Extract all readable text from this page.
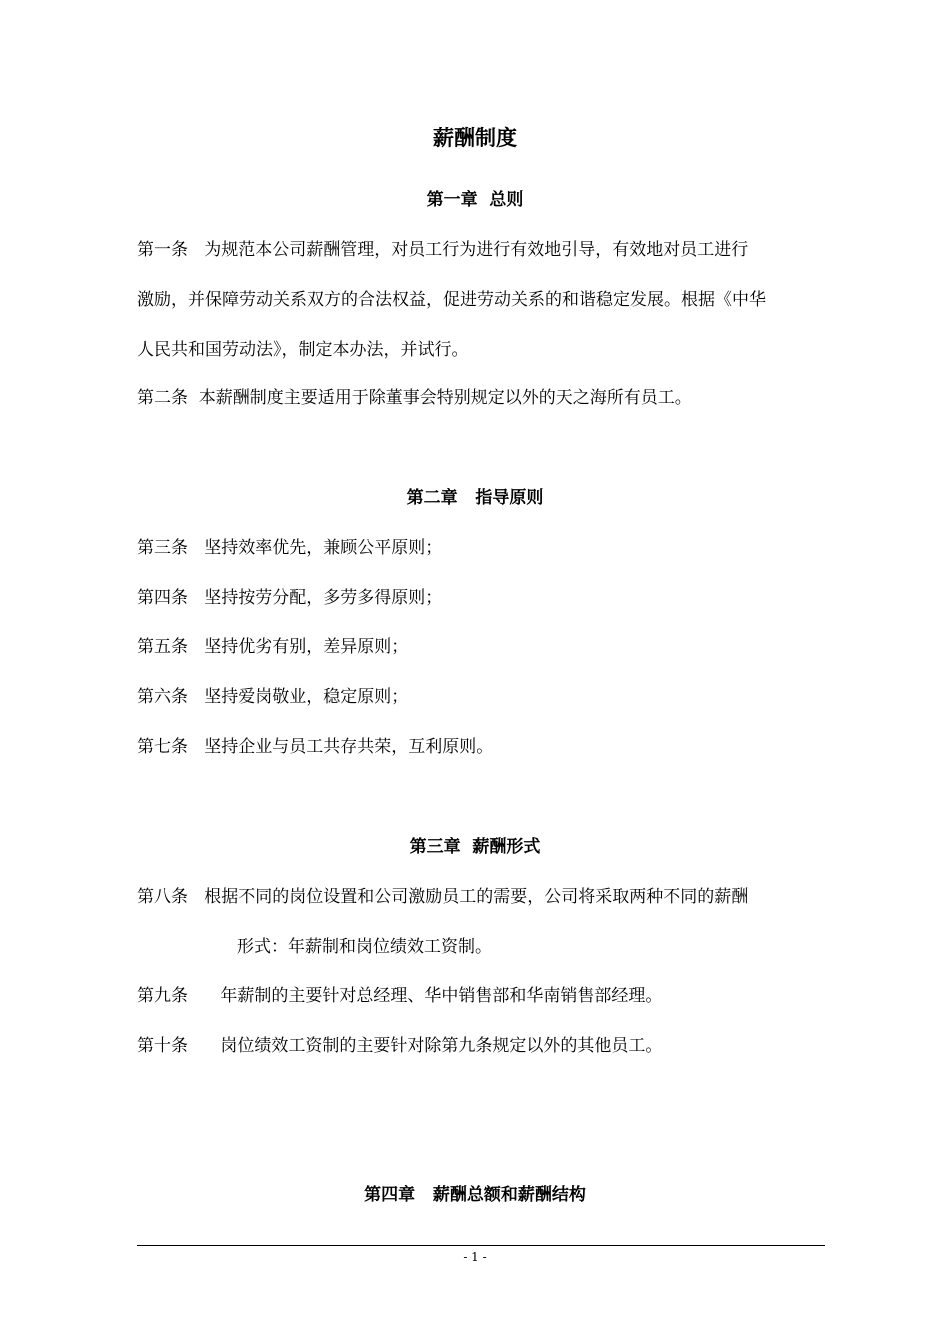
薪酬制度
第一章  总则
第一条   为规范本公司薪酬管理，对员工行为进行有效地引导，有效地对员工进行
激励，并保障劳动关系双方的合法权益，促进劳动关系的和谐稳定发展。根据《中华
人民共和国劳动法》，制定本办法，并试行。
第二条  本薪酬制度主要适用于除董事会特别规定以外的天之海所有员工。
第二章   指导原则
第三条   坚持效率优先，兼顾公平原则；
第四条   坚持按劳分配，多劳多得原则；
第五条   坚持优劣有别，差异原则；
第六条   坚持爱岗敬业，稳定原则；
第七条   坚持企业与员工共存共荣，互利原则。
第三章  薪酬形式
第八条   根据不同的岗位设置和公司激励员工的需要，公司将采取两种不同的薪酬
形式：年薪制和岗位绩效工资制。
第九条      年薪制的主要针对总经理、华中销售部和华南销售部经理。
第十条      岗位绩效工资制的主要针对除第九条规定以外的其他员工。
第四章   薪酬总额和薪酬结构
- 1 -
